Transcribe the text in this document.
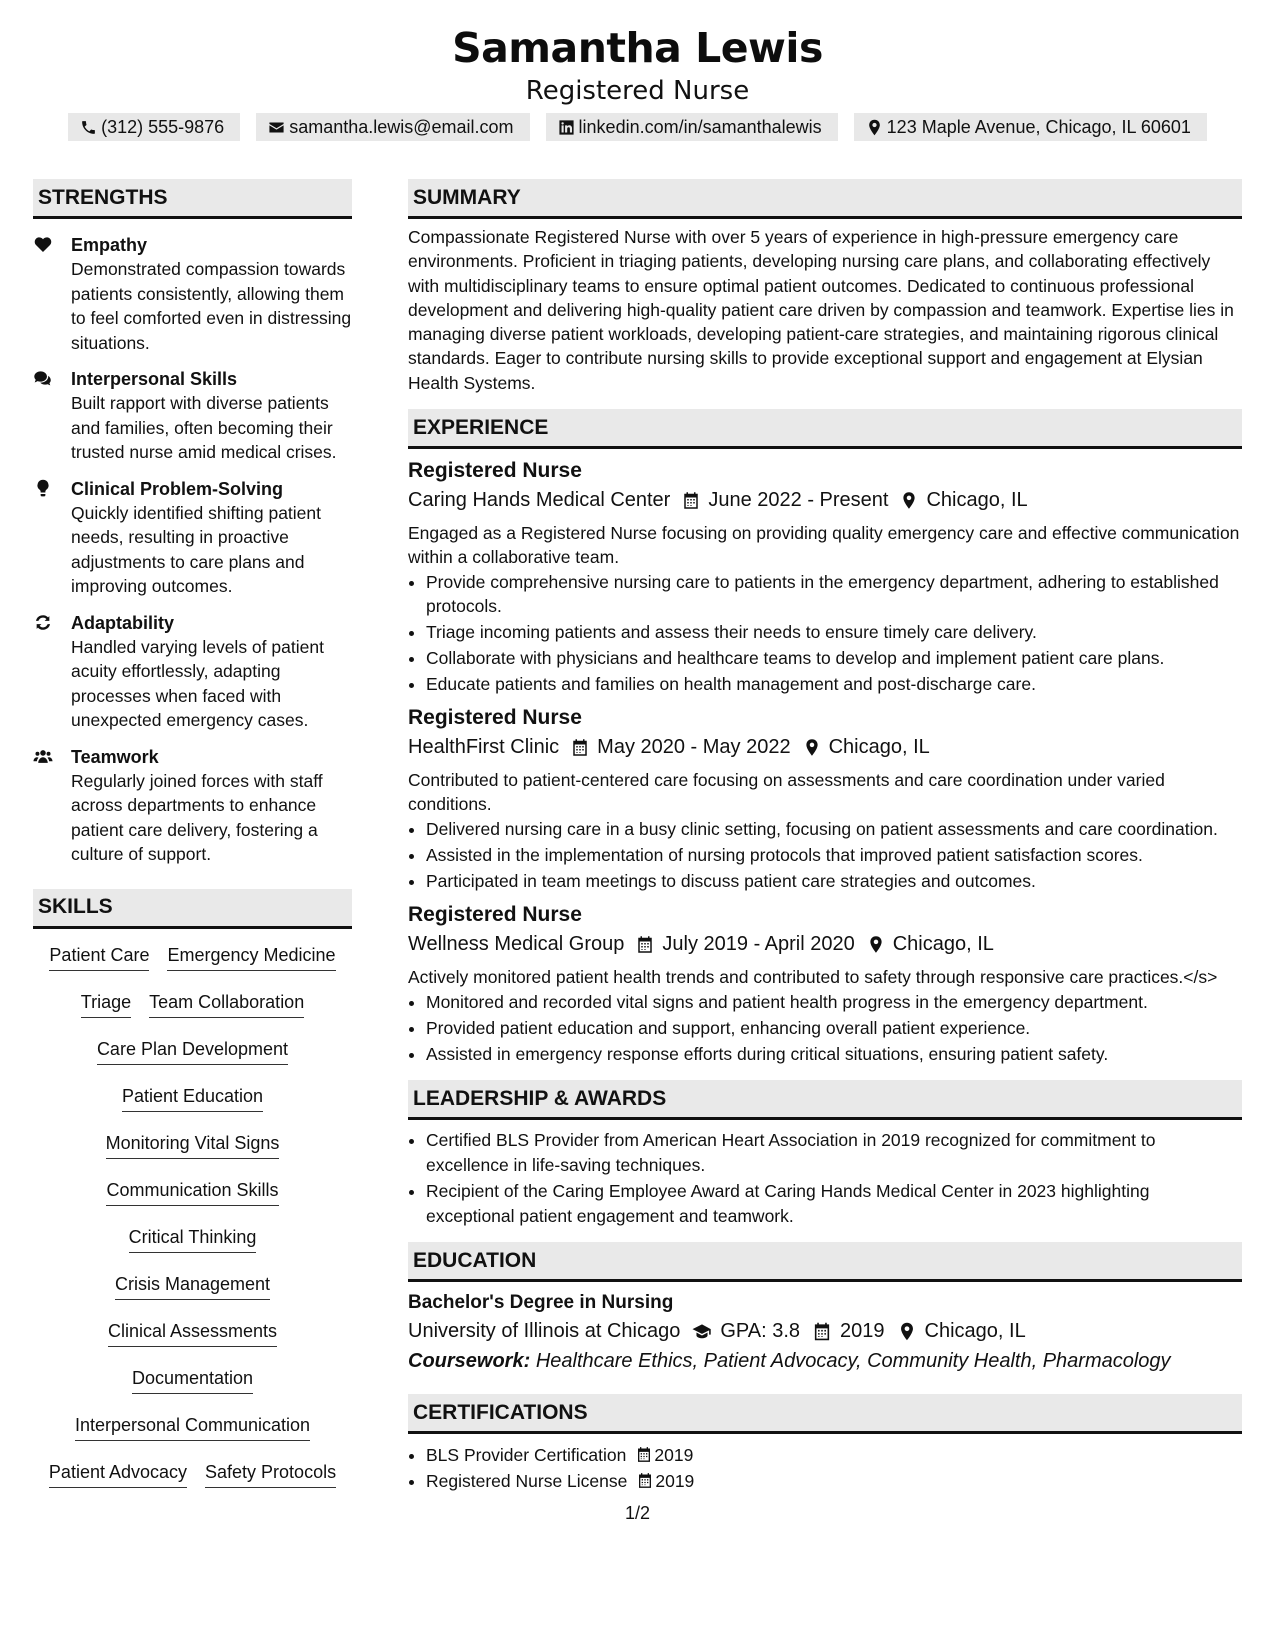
Samantha Lewis
Registered Nurse
(312) 555-9876	samantha.lewis@email.com	linkedin.com/in/samanthalewis	123 Maple Avenue, Chicago, IL 60601
STRENGTHS
Empathy
Demonstrated compassion towards patients consistently, allowing them to feel comforted even in distressing situations.
Interpersonal Skills
Built rapport with diverse patients and families, often becoming their trusted nurse amid medical crises.
Clinical Problem-Solving
Quickly identified shifting patient needs, resulting in proactive adjustments to care plans and improving outcomes.
Adaptability
Handled varying levels of patient acuity effortlessly, adapting processes when faced with unexpected emergency cases.
Teamwork
Regularly joined forces with staff across departments to enhance patient care delivery, fostering a culture of support.
SKILLS
Patient Care Emergency Medicine
Triage Team Collaboration
Care Plan Development
Patient Education
Monitoring Vital Signs
Communication Skills
Critical Thinking
Crisis Management
Clinical Assessments
Documentation
Interpersonal Communication
Patient Advocacy Safety Protocols
SUMMARY
Compassionate Registered Nurse with over 5 years of experience in high-pressure emergency care environments. Proficient in triaging patients, developing nursing care plans, and collaborating effectively with multidisciplinary teams to ensure optimal patient outcomes. Dedicated to continuous professional development and delivering high-quality patient care driven by compassion and teamwork. Expertise lies in managing diverse patient workloads, developing patient-care strategies, and maintaining rigorous clinical standards. Eager to contribute nursing skills to provide exceptional support and engagement at Elysian Health Systems.
EXPERIENCE
Registered Nurse
Caring Hands Medical Center June 2022 - Present Chicago, IL
Engaged as a Registered Nurse focusing on providing quality emergency care and effective communication within a collaborative team.
• Provide comprehensive nursing care to patients in the emergency department, adhering to established protocols.
• Triage incoming patients and assess their needs to ensure timely care delivery.
• Collaborate with physicians and healthcare teams to develop and implement patient care plans.
• Educate patients and families on health management and post-discharge care.
Registered Nurse
HealthFirst Clinic May 2020 - May 2022 Chicago, IL
Contributed to patient-centered care focusing on assessments and care coordination under varied conditions.
• Delivered nursing care in a busy clinic setting, focusing on patient assessments and care coordination.
• Assisted in the implementation of nursing protocols that improved patient satisfaction scores.
• Participated in team meetings to discuss patient care strategies and outcomes.
Registered Nurse
Wellness Medical Group July 2019 - April 2020 Chicago, IL
Actively monitored patient health trends and contributed to safety through responsive care practices.</s>
• Monitored and recorded vital signs and patient health progress in the emergency department.
• Provided patient education and support, enhancing overall patient experience.
• Assisted in emergency response efforts during critical situations, ensuring patient safety.
LEADERSHIP & AWARDS
• Certified BLS Provider from American Heart Association in 2019 recognized for commitment to excellence in life-saving techniques.
• Recipient of the Caring Employee Award at Caring Hands Medical Center in 2023 highlighting exceptional patient engagement and teamwork.
EDUCATION
Bachelor's Degree in Nursing
University of Illinois at Chicago GPA: 3.8 2019 Chicago, IL
Coursework: Healthcare Ethics, Patient Advocacy, Community Health, Pharmacology
CERTIFICATIONS
• BLS Provider Certification 2019
• Registered Nurse License 2019
1/2
